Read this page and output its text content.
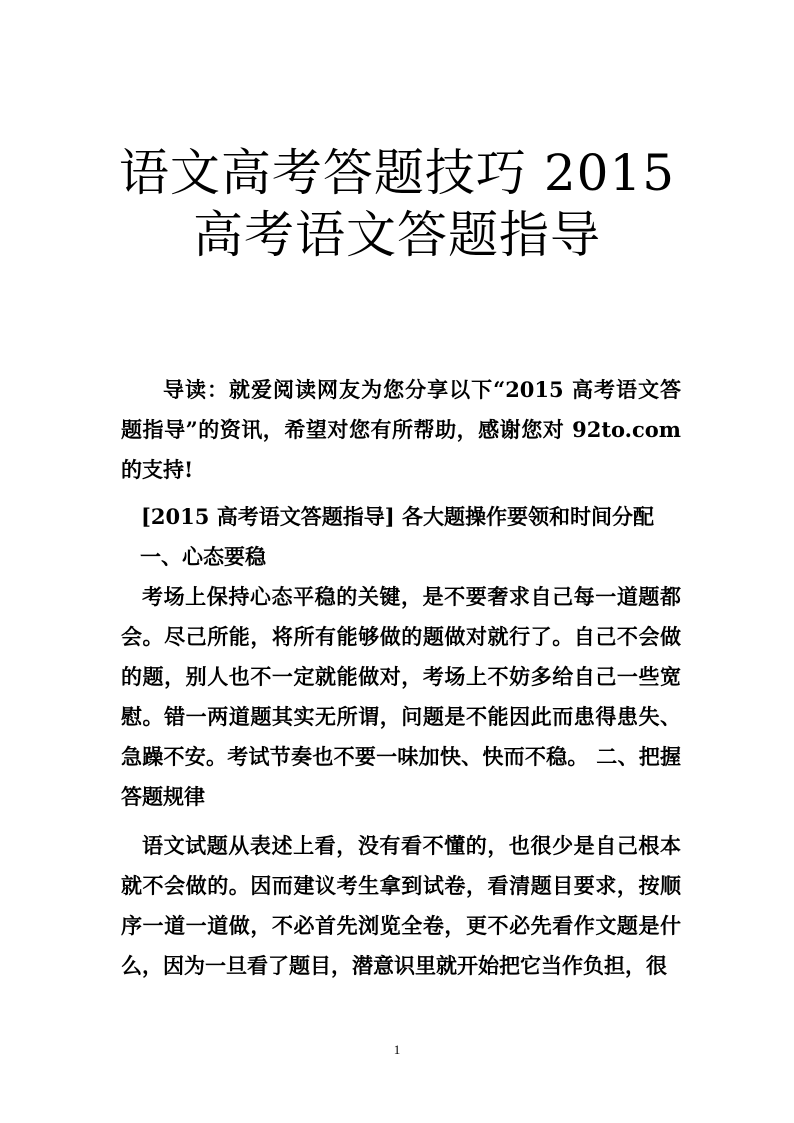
语文高考答题技巧 2015
高考语文答题指导

导读：就爱阅读网友为您分享以下“2015 高考语文答题指导”的资讯，希望对您有所帮助，感谢您对 92to.com 的支持!

[2015 高考语文答题指导] 各大题操作要领和时间分配

一、心态要稳

考场上保持心态平稳的关键，是不要奢求自己每一道题都会。尽己所能，将所有能够做的题做对就行了。自己不会做的题，别人也不一定就能做对，考场上不妨多给自己一些宽慰。错一两道题其实无所谓，问题是不能因此而患得患失、急躁不安。考试节奏也不要一味加快、快而不稳。 二、把握答题规律

语文试题从表述上看，没有看不懂的，也很少是自己根本就不会做的。因而建议考生拿到试卷，看清题目要求，按顺序一道一道做，不必首先浏览全卷，更不必先看作文题是什么，因为一旦看了题目，潜意识里就开始把它当作负担，很

1
